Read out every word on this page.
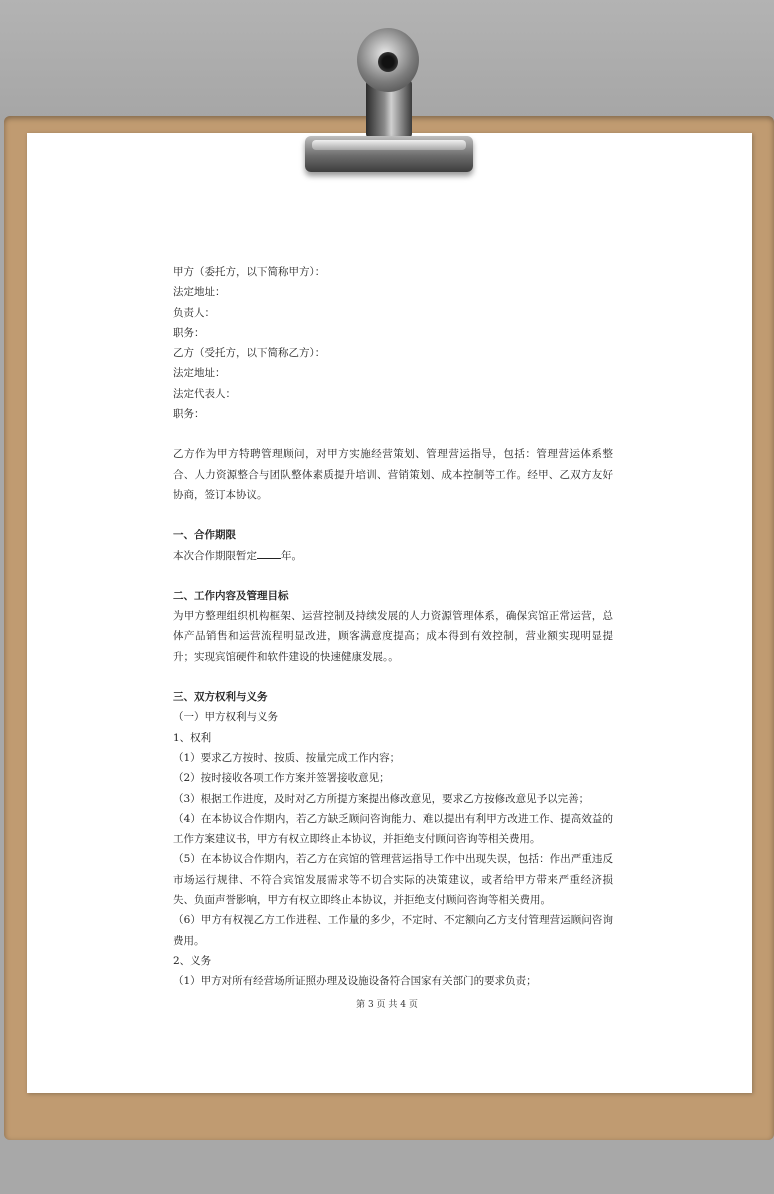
甲方（委托方，以下简称甲方）：
法定地址：
负责人：
职务：
乙方（受托方，以下简称乙方）：
法定地址：
法定代表人：
职务：
乙方作为甲方特聘管理顾问，对甲方实施经营策划、管理营运指导，包括：管理营运体系整合、人力资源整合与团队整体素质提升培训、营销策划、成本控制等工作。经甲、乙双方友好协商，签订本协议。
一、合作期限
本次合作期限暂定 年。
二、工作内容及管理目标
为甲方整理组织机构框架、运营控制及持续发展的人力资源管理体系，确保宾馆正常运营，总体产品销售和运营流程明显改进，顾客满意度提高；成本得到有效控制，营业额实现明显提升；实现宾馆硬件和软件建设的快速健康发展。。
三、双方权利与义务
（一）甲方权利与义务
1、权利
（1）要求乙方按时、按质、按量完成工作内容；
（2）按时接收各项工作方案并签署接收意见；
（3）根据工作进度，及时对乙方所提方案提出修改意见，要求乙方按修改意见予以完善；
（4）在本协议合作期内，若乙方缺乏顾问咨询能力、难以提出有利甲方改进工作、提高效益的工作方案建议书，甲方有权立即终止本协议，并拒绝支付顾问咨询等相关费用。
（5）在本协议合作期内，若乙方在宾馆的管理营运指导工作中出现失误，包括：作出严重违反市场运行规律、不符合宾馆发展需求等不切合实际的决策建议，或者给甲方带来严重经济损失、负面声誉影响，甲方有权立即终止本协议，并拒绝支付顾问咨询等相关费用。
（6）甲方有权视乙方工作进程、工作量的多少，不定时、不定额向乙方支付管理营运顾问咨询费用。
2、义务
（1）甲方对所有经营场所证照办理及设施设备符合国家有关部门的要求负责；
第 3 页 共 4 页
